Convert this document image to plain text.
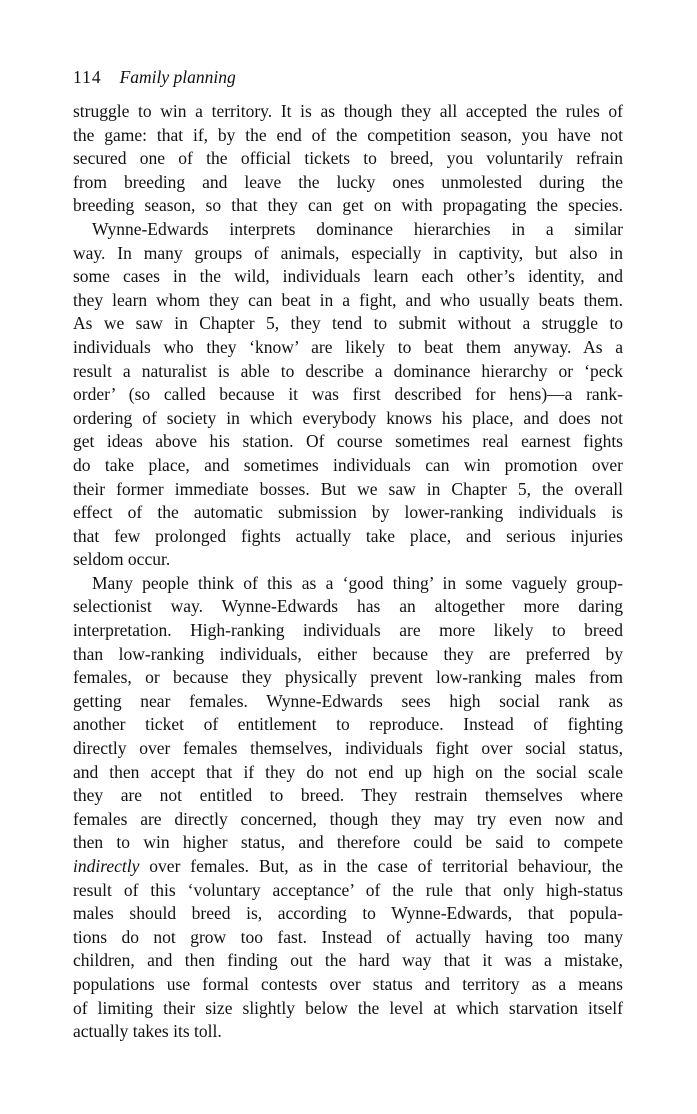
114 Family planning

struggle to win a territory. It is as though they all accepted the rules of
the game: that if, by the end of the competition season, you have not
secured one of the official tickets to breed, you voluntarily refrain
from breeding and leave the lucky ones unmolested during the
breeding season, so that they can get on with propagating the species.

Wynne-Edwards interprets dominance hierarchies in a similar
way. In many groups of animals, especially in captivity, but also in
some cases in the wild, individuals learn each other’s identity, and
they learn whom they can beat in a fight, and who usually beats them.
As we saw in Chapter 5, they tend to submit without a struggle to
individuals who they ‘know’ are likely to beat them anyway. As a
result a naturalist is able to describe a dominance hierarchy or ‘peck
order’ (so called because it was first described for hens)—a rank-
ordering of society in which everybody knows his place, and does not
get ideas above his station. Of course sometimes real earnest fights
do take place, and sometimes individuals can win promotion over
their former immediate bosses. But we saw in Chapter 5, the overall
effect of the automatic submission by lower-ranking individuals is
that few prolonged fights actually take place, and serious injuries
seldom occur.

Many people think of this as a ‘good thing’ in some vaguely group-
selectionist way. Wynne-Edwards has an altogether more daring
interpretation. High-ranking individuals are more likely to breed
than low-ranking individuals, either because they are preferred by
females, or because they physically prevent low-ranking males from
getting near females. Wynne-Edwards sees high social rank as
another ticket of entitlement to reproduce. Instead of fighting
directly over females themselves, individuals fight over social status,
and then accept that if they do not end up high on the social scale
they are not entitled to breed. They restrain themselves where
females are directly concerned, though they may try even now and
then to win higher status, and therefore could be said to compete
indirectly over females. But, as in the case of territorial behaviour, the
result of this ‘voluntary acceptance’ of the rule that only high-status
males should breed is, according to Wynne-Edwards, that popula-
tions do not grow too fast. Instead of actually having too many
children, and then finding out the hard way that it was a mistake,
populations use formal contests over status and territory as a means
of limiting their size slightly below the level at which starvation itself
actually takes its toll.
